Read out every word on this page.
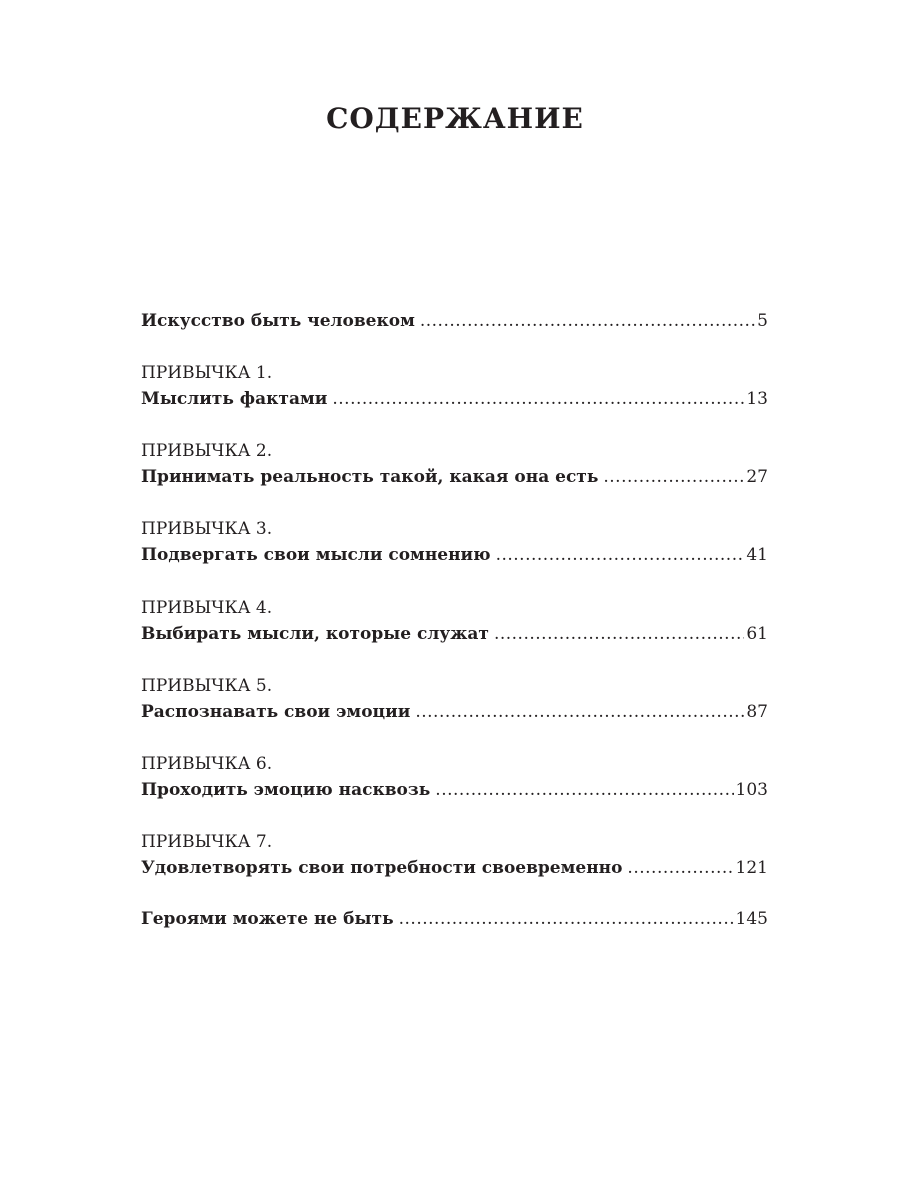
СОДЕРЖАНИЕ
Искусство быть человеком .....	5
ПРИВЫЧКА 1.
Мыслить фактами .....	13
ПРИВЫЧКА 2.
Принимать реальность такой, какая она есть .....	27
ПРИВЫЧКА 3.
Подвергать свои мысли сомнению .....	41
ПРИВЫЧКА 4.
Выбирать мысли, которые служат .....	61
ПРИВЫЧКА 5.
Распознавать свои эмоции .....	87
ПРИВЫЧКА 6.
Проходить эмоцию насквозь .....	103
ПРИВЫЧКА 7.
Удовлетворять свои потребности своевременно .....	121
Героями можете не быть .....	145
